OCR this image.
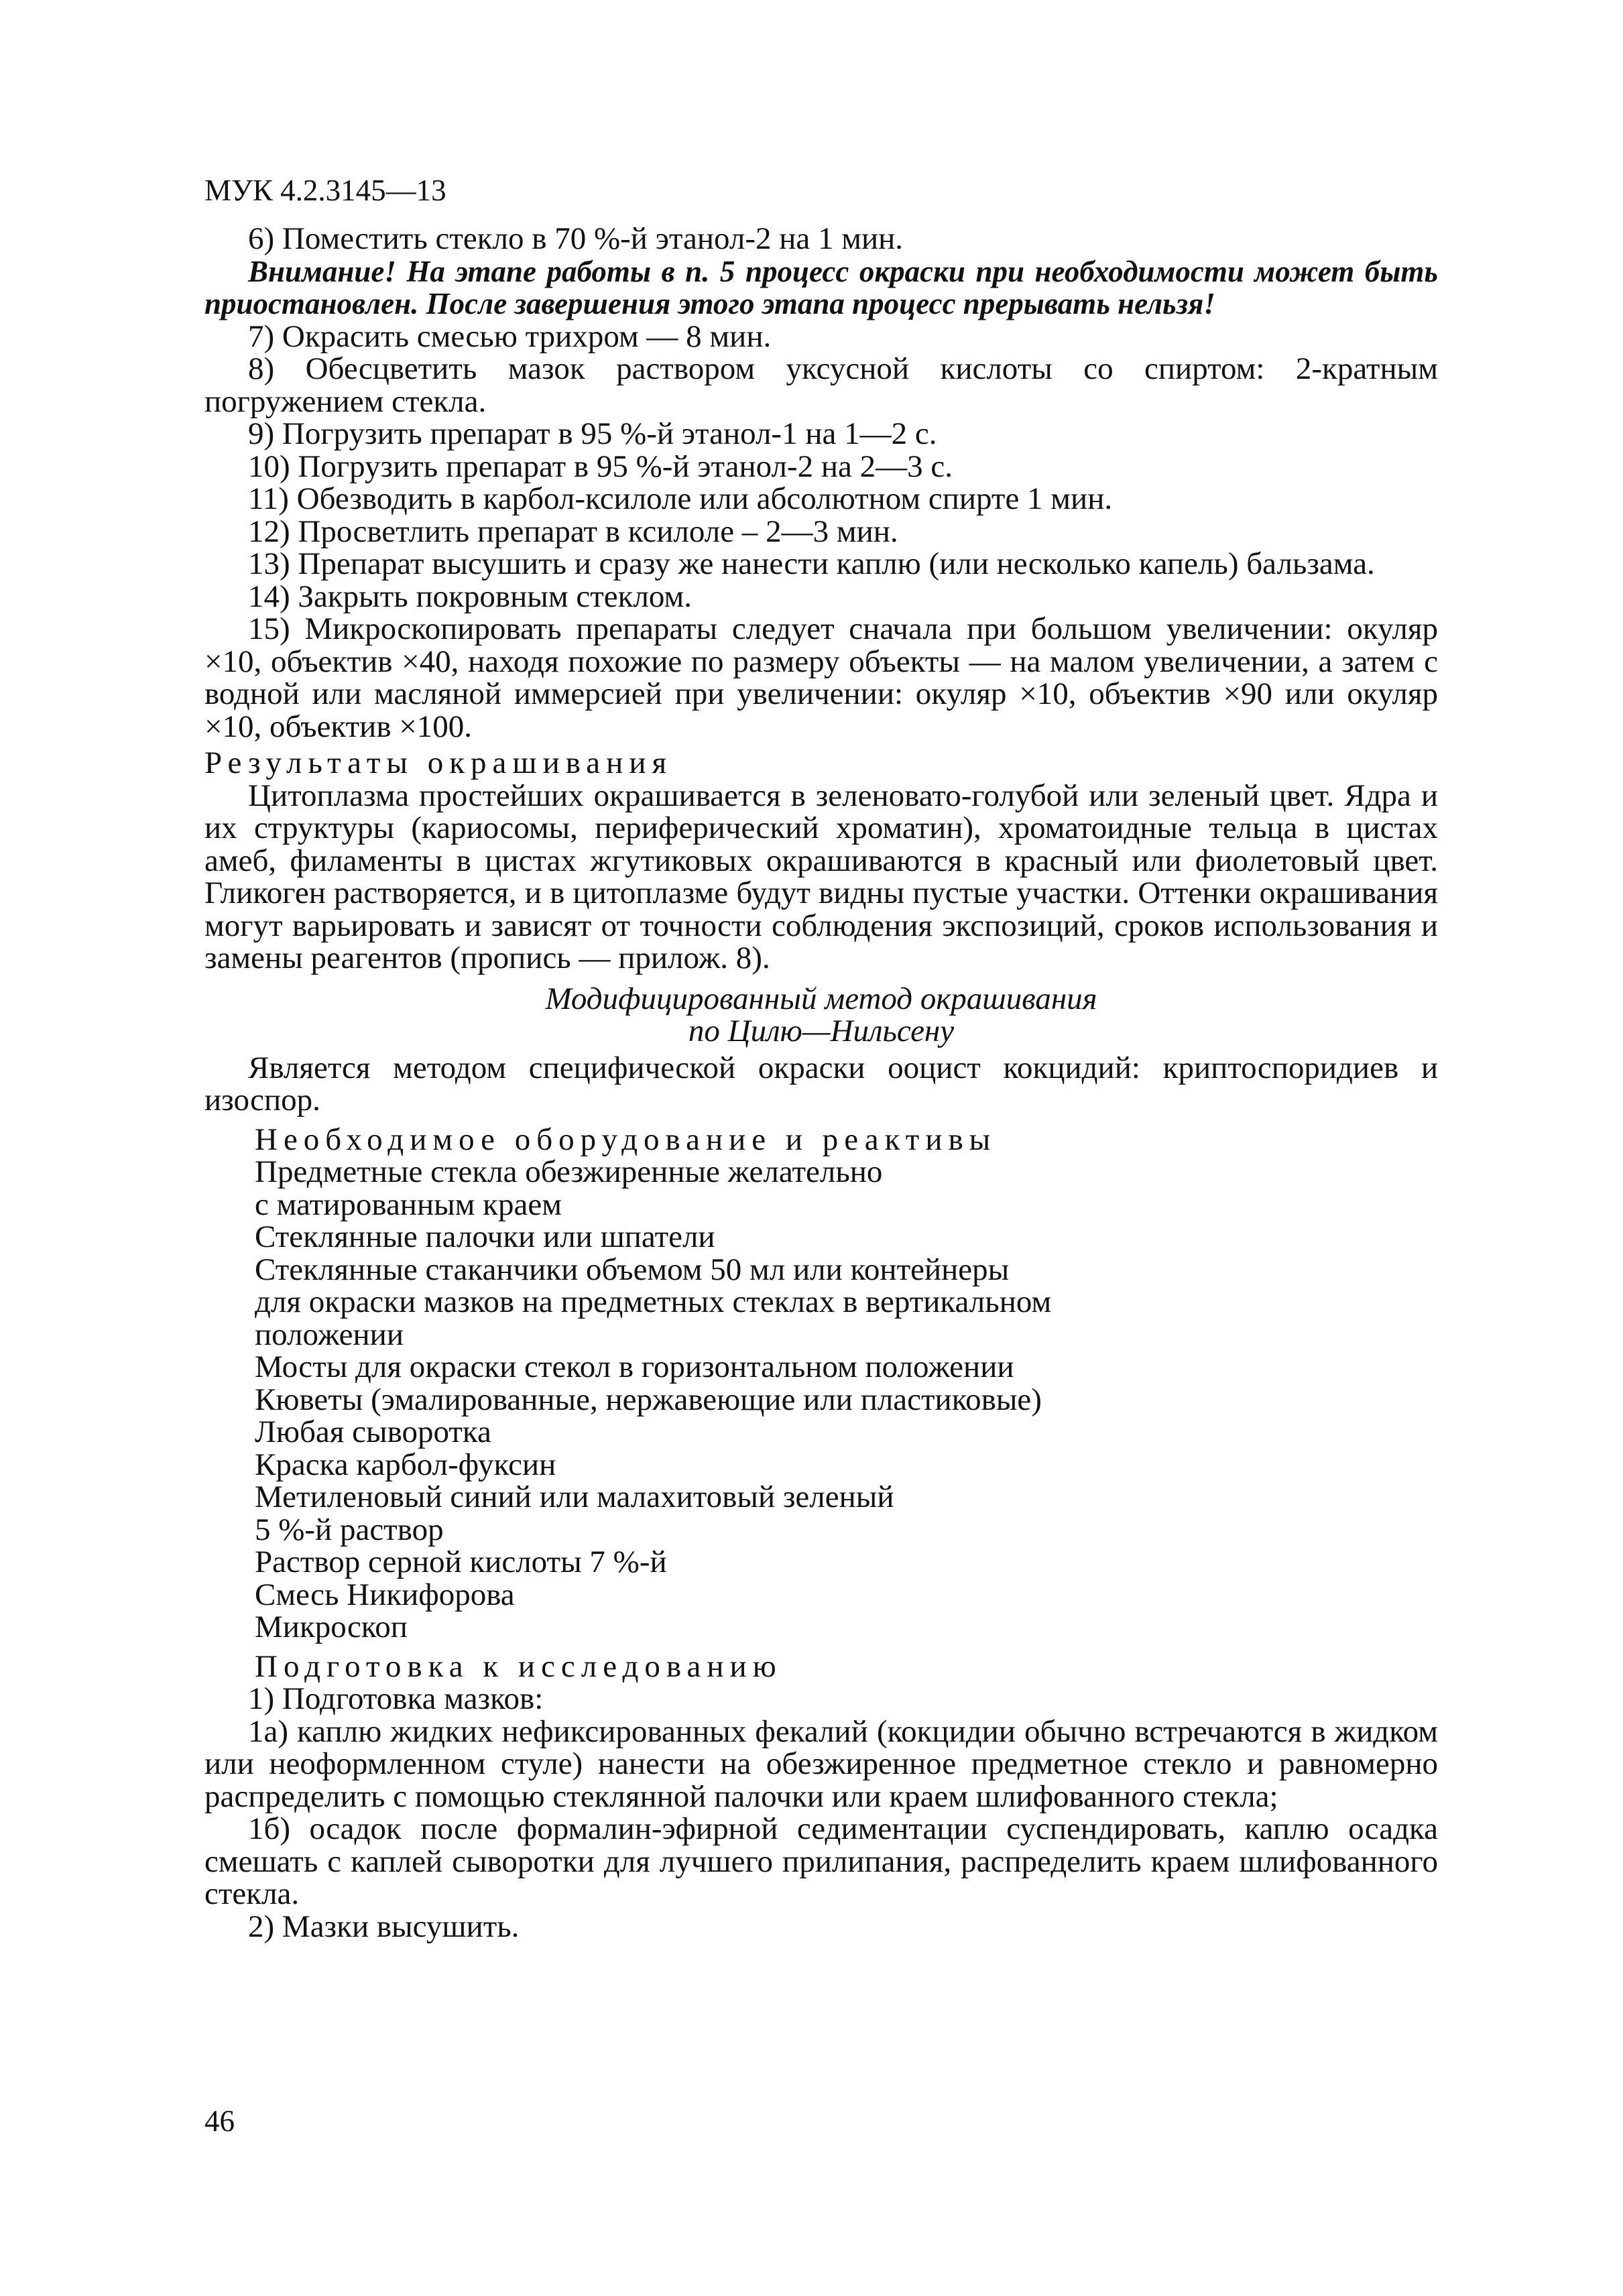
МУК 4.2.3145—13

6) Поместить стекло в 70 %-й этанол-2 на 1 мин.

Внимание! На этапе работы в п. 5 процесс окраски при необходимости может быть приостановлен. После завершения этого этапа процесс прерывать нельзя!

7) Окрасить смесью трихром — 8 мин.

8) Обесцветить мазок раствором уксусной кислоты со спиртом: 2-кратным погружением стекла.

9) Погрузить препарат в 95 %-й этанол-1 на 1—2 с.

10) Погрузить препарат в 95 %-й этанол-2 на 2—3 с.

11) Обезводить в карбол-ксилоле или абсолютном спирте 1 мин.

12) Просветлить препарат в ксилоле – 2—3 мин.

13) Препарат высушить и сразу же нанести каплю (или несколько капель) бальзама.

14) Закрыть покровным стеклом.

15) Микроскопировать препараты следует сначала при большом увеличении: окуляр ×10, объектив ×40, находя похожие по размеру объекты — на малом увеличении, а затем с водной или масляной иммерсией при увеличении: окуляр ×10, объектив ×90 или окуляр ×10, объектив ×100.

Результаты окрашивания

Цитоплазма простейших окрашивается в зеленовато-голубой или зеленый цвет. Ядра и их структуры (кариосомы, периферический хроматин), хроматоидные тельца в цистах амеб, филаменты в цистах жгутиковых окрашиваются в красный или фиолетовый цвет. Гликоген растворяется, и в цитоплазме будут видны пустые участки. Оттенки окрашивания могут варьировать и зависят от точности соблюдения экспозиций, сроков использования и замены реагентов (пропись — прилож. 8).

Модифицированный метод окрашивания
по Цилю—Нильсену

Является методом специфической окраски ооцист кокцидий: криптоспоридиев и изоспор.

Необходимое оборудование и реактивы
Предметные стекла обезжиренные желательно
с матированным краем
Стеклянные палочки или шпатели
Стеклянные стаканчики объемом 50 мл или контейнеры
для окраски мазков на предметных стеклах в вертикальном
положении
Мосты для окраски стекол в горизонтальном положении
Кюветы (эмалированные, нержавеющие или пластиковые)
Любая сыворотка
Краска карбол-фуксин
Метиленовый синий или малахитовый зеленый
5 %-й раствор
Раствор серной кислоты 7 %-й
Смесь Никифорова
Микроскоп
Подготовка к исследованию

1) Подготовка мазков:

1а) каплю жидких нефиксированных фекалий (кокцидии обычно встречаются в жидком или неоформленном стуле) нанести на обезжиренное предметное стекло и равномерно распределить с помощью стеклянной палочки или краем шлифованного стекла;

1б) осадок после формалин-эфирной седиментации суспендировать, каплю осадка смешать с каплей сыворотки для лучшего прилипания, распределить краем шлифованного стекла.

2) Мазки высушить.

46
